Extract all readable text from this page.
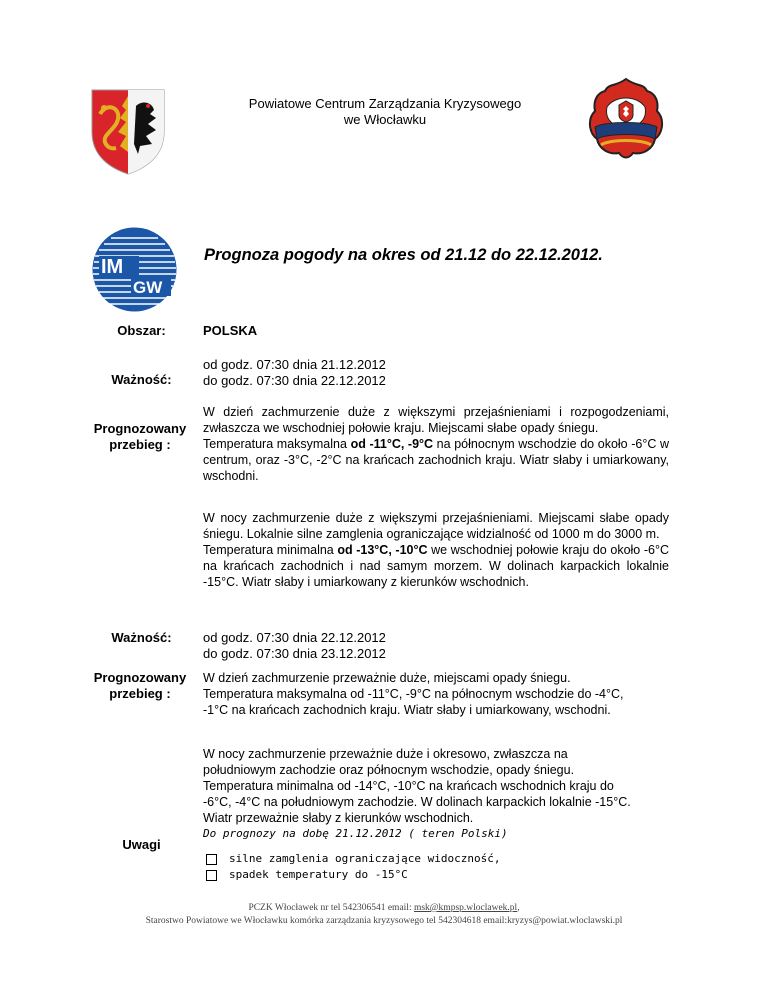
Powiatowe Centrum Zarządzania Kryzysowego
we Włocławku
IM
GW
Prognoza pogody na okres od 21.12 do 22.12.2012.
Obszar:	POLSKA
Ważność:
od godz. 07:30 dnia 21.12.2012
do godz. 07:30 dnia 22.12.2012
Prognozowany
przebieg :
W dzień zachmurzenie duże z większymi przejaśnieniami i rozpogodzeniami, zwłaszcza we wschodniej połowie kraju. Miejscami słabe opady śniegu.
Temperatura maksymalna od -11°C, -9°C na północnym wschodzie do około -6°C w centrum, oraz -3°C, -2°C na krańcach zachodnich kraju. Wiatr słaby i umiarkowany, wschodni.
W nocy zachmurzenie duże z większymi przejaśnieniami. Miejscami słabe opady śniegu. Lokalnie silne zamglenia ograniczające widzialność od 1000 m do 3000 m.
Temperatura minimalna od -13°C, -10°C we wschodniej połowie kraju do około -6°C na krańcach zachodnich i nad samym morzem. W dolinach karpackich lokalnie -15°C. Wiatr słaby i umiarkowany z kierunków wschodnich.
Ważność:	od godz. 07:30 dnia 22.12.2012
do godz. 07:30 dnia 23.12.2012
Prognozowany
przebieg :
W dzień zachmurzenie przeważnie duże, miejscami opady śniegu. Temperatura maksymalna od -11°C, -9°C na północnym wschodzie do -4°C, -1°C na krańcach zachodnich kraju. Wiatr słaby i umiarkowany, wschodni.
W nocy zachmurzenie przeważnie duże i okresowo, zwłaszcza na południowym zachodzie oraz północnym wschodzie, opady śniegu. Temperatura minimalna od -14°C, -10°C na krańcach wschodnich kraju do -6°C, -4°C na południowym zachodzie. W dolinach karpackich lokalnie -15°C. Wiatr przeważnie słaby z kierunków wschodnich.
Do prognozy na dobę 21.12.2012 ( teren Polski)
Uwagi
silne zamglenia ograniczające widoczność,
spadek temperatury do -15°C
PCZK Włocławek nr tel 542306541 email: msk@kmpsp.wloclawek.pl,
Starostwo Powiatowe we Włocławku komórka zarządzania kryzysowego tel 542304618 email:kryzys@powiat.wloclawski.pl
